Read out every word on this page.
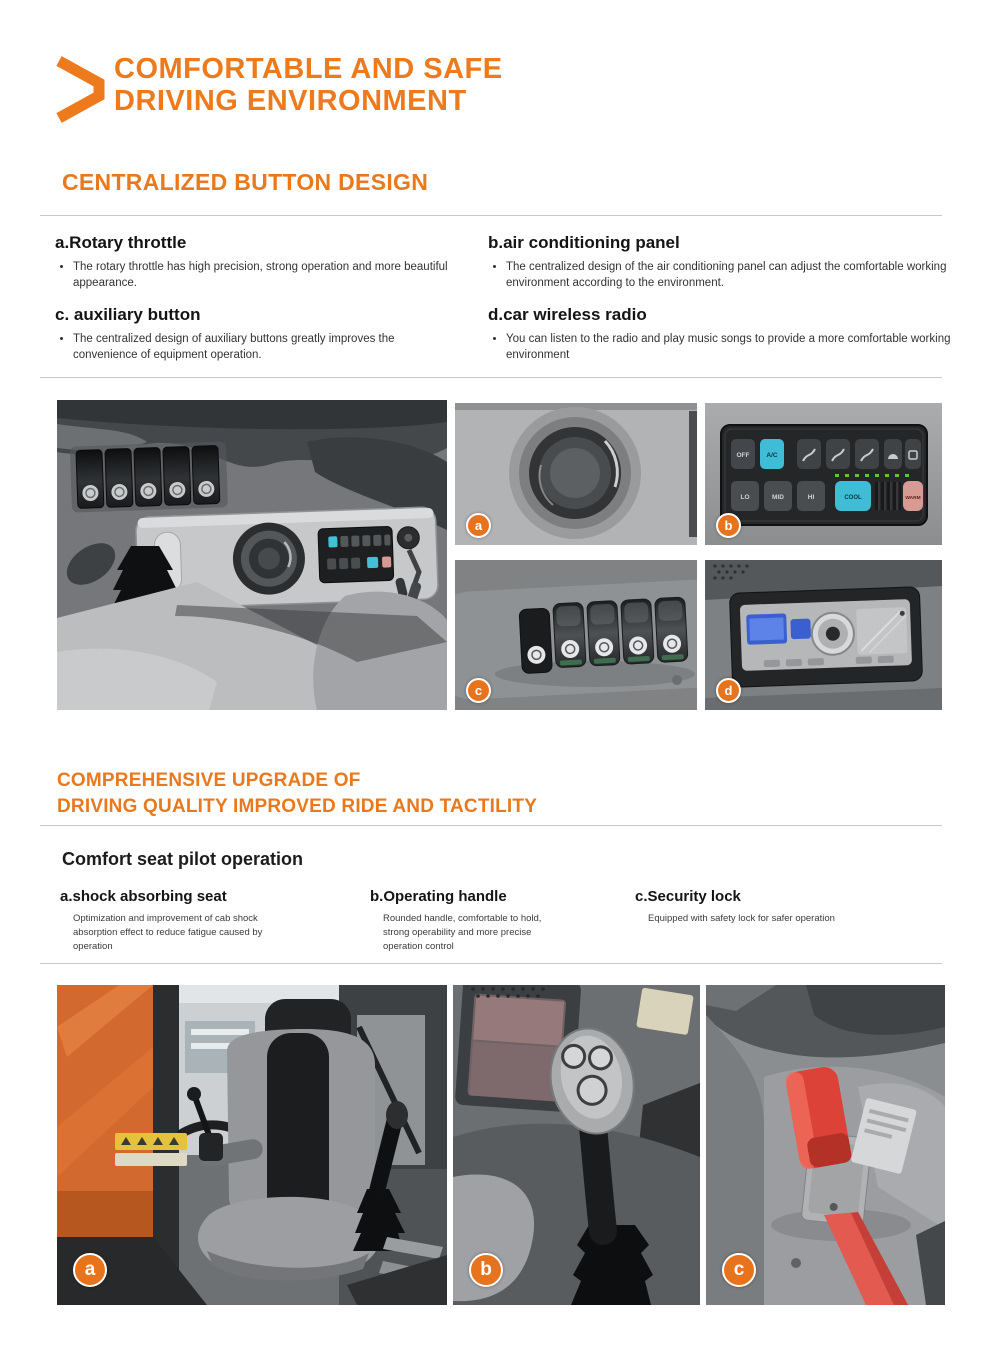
COMFORTABLE AND SAFE
DRIVING ENVIRONMENT
CENTRALIZED BUTTON DESIGN
a.Rotary throttle
• The rotary throttle has high precision, strong operation and more beautiful appearance.
b.air conditioning panel
• The centralized design of the air conditioning panel can adjust the comfortable working environment according to the environment.
c. auxiliary button
• The centralized design of auxiliary buttons greatly improves the convenience of equipment operation.
d.car wireless radio
• You can listen to the radio and play music songs to provide a more comfortable working environment
a
OFF	A/C
LO	MID	HI	COOL	WARM
b
c	d
COMPREHENSIVE UPGRADE OF
DRIVING QUALITY IMPROVED RIDE AND TACTILITY
Comfort seat pilot operation
a.shock absorbing seat
Optimization and improvement of cab shock absorption effect to reduce fatigue caused by operation
b.Operating handle
Rounded handle, comfortable to hold, strong operability and more precise operation control
c.Security lock
Equipped with safety lock for safer operation
a	b	c
